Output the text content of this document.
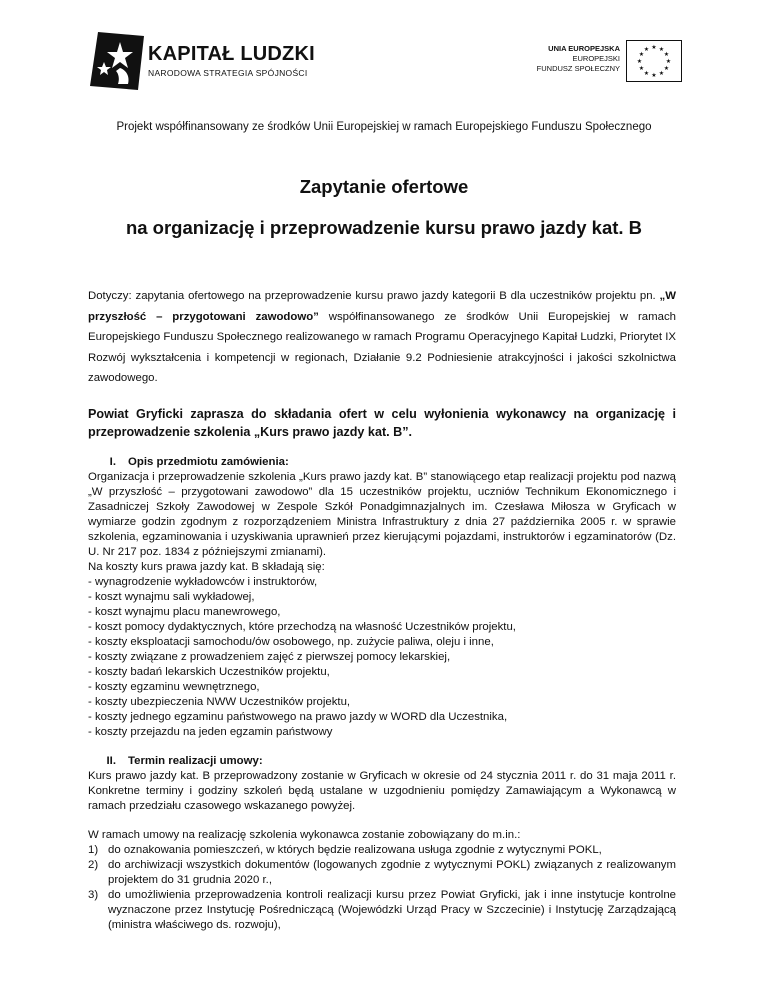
KAPITAŁ LUDZKI
NARODOWA STRATEGIA SPÓJNOŚCI
UNIA EUROPEJSKA
EUROPEJSKI
FUNDUSZ SPOŁECZNY
★ ★
★
★
★
★
★
★
★
★
★
★
Projekt współfinansowany ze środków Unii Europejskiej w ramach Europejskiego Funduszu Społecznego
Zapytanie ofertowe
na organizację i przeprowadzenie kursu prawo jazdy kat. B

Dotyczy: zapytania ofertowego na przeprowadzenie kursu prawo jazdy kategorii B dla uczestników projektu pn. „W przyszłość – przygotowani zawodowo” współfinansowanego ze środków Unii Europejskiej w ramach Europejskiego Funduszu Społecznego realizowanego w ramach Programu Operacyjnego Kapitał Ludzki, Priorytet IX Rozwój wykształcenia i kompetencji w regionach, Działanie 9.2 Podniesienie atrakcyjności i jakości szkolnictwa zawodowego.

Powiat Gryficki zaprasza do składania ofert w celu wyłonienia wykonawcy na organizację i przeprowadzenie szkolenia „Kurs prawo jazdy kat. B”.

I. Opis przedmiotu zamówienia:
Organizacja i przeprowadzenie szkolenia „Kurs prawo jazdy kat. B” stanowiącego etap realizacji projektu pod nazwą „W przyszłość – przygotowani zawodowo” dla 15 uczestników projektu, uczniów Technikum Ekonomicznego i Zasadniczej Szkoły Zawodowej w Zespole Szkół Ponadgimnazjalnych im. Czesława Miłosza w Gryficach w wymiarze godzin zgodnym z rozporządzeniem Ministra Infrastruktury z dnia 27 października 2005 r. w sprawie szkolenia, egzaminowania i uzyskiwania uprawnień przez kierującymi pojazdami, instruktorów i egzaminatorów (Dz. U. Nr 217 poz. 1834 z późniejszymi zmianami).
Na koszty kurs prawa jazdy kat. B składają się:
- wynagrodzenie wykładowców i instruktorów,
- koszt wynajmu sali wykładowej,
- koszt wynajmu placu manewrowego,
- koszt pomocy dydaktycznych, które przechodzą na własność Uczestników projektu,
- koszty eksploatacji samochodu/ów osobowego, np. zużycie paliwa, oleju i inne,
- koszty związane z prowadzeniem zajęć z pierwszej pomocy lekarskiej,
- koszty badań lekarskich Uczestników projektu,
- koszty egzaminu wewnętrznego,
- koszty ubezpieczenia NWW Uczestników projektu,
- koszty jednego egzaminu państwowego na prawo jazdy w WORD dla Uczestnika,
- koszty przejazdu na jeden egzamin państwowy
II. Termin realizacji umowy:
Kurs prawo jazdy kat. B przeprowadzony zostanie w Gryficach w okresie od 24 stycznia 2011 r. do 31 maja 2011 r. Konkretne terminy i godziny szkoleń będą ustalane w uzgodnieniu pomiędzy Zamawiającym a Wykonawcą w ramach przedziału czasowego wskazanego powyżej.
W ramach umowy na realizację szkolenia wykonawca zostanie zobowiązany do m.in.:
1) do oznakowania pomieszczeń, w których będzie realizowana usługa zgodnie z wytycznymi POKL,
2) do archiwizacji wszystkich dokumentów (logowanych zgodnie z wytycznymi POKL) związanych z realizowanym projektem do 31 grudnia 2020 r.,
3) do umożliwienia przeprowadzenia kontroli realizacji kursu przez Powiat Gryficki, jak i inne instytucje kontrolne wyznaczone przez Instytucję Pośredniczącą (Wojewódzki Urząd Pracy w Szczecinie) i Instytucję Zarządzającą (ministra właściwego ds. rozwoju),
